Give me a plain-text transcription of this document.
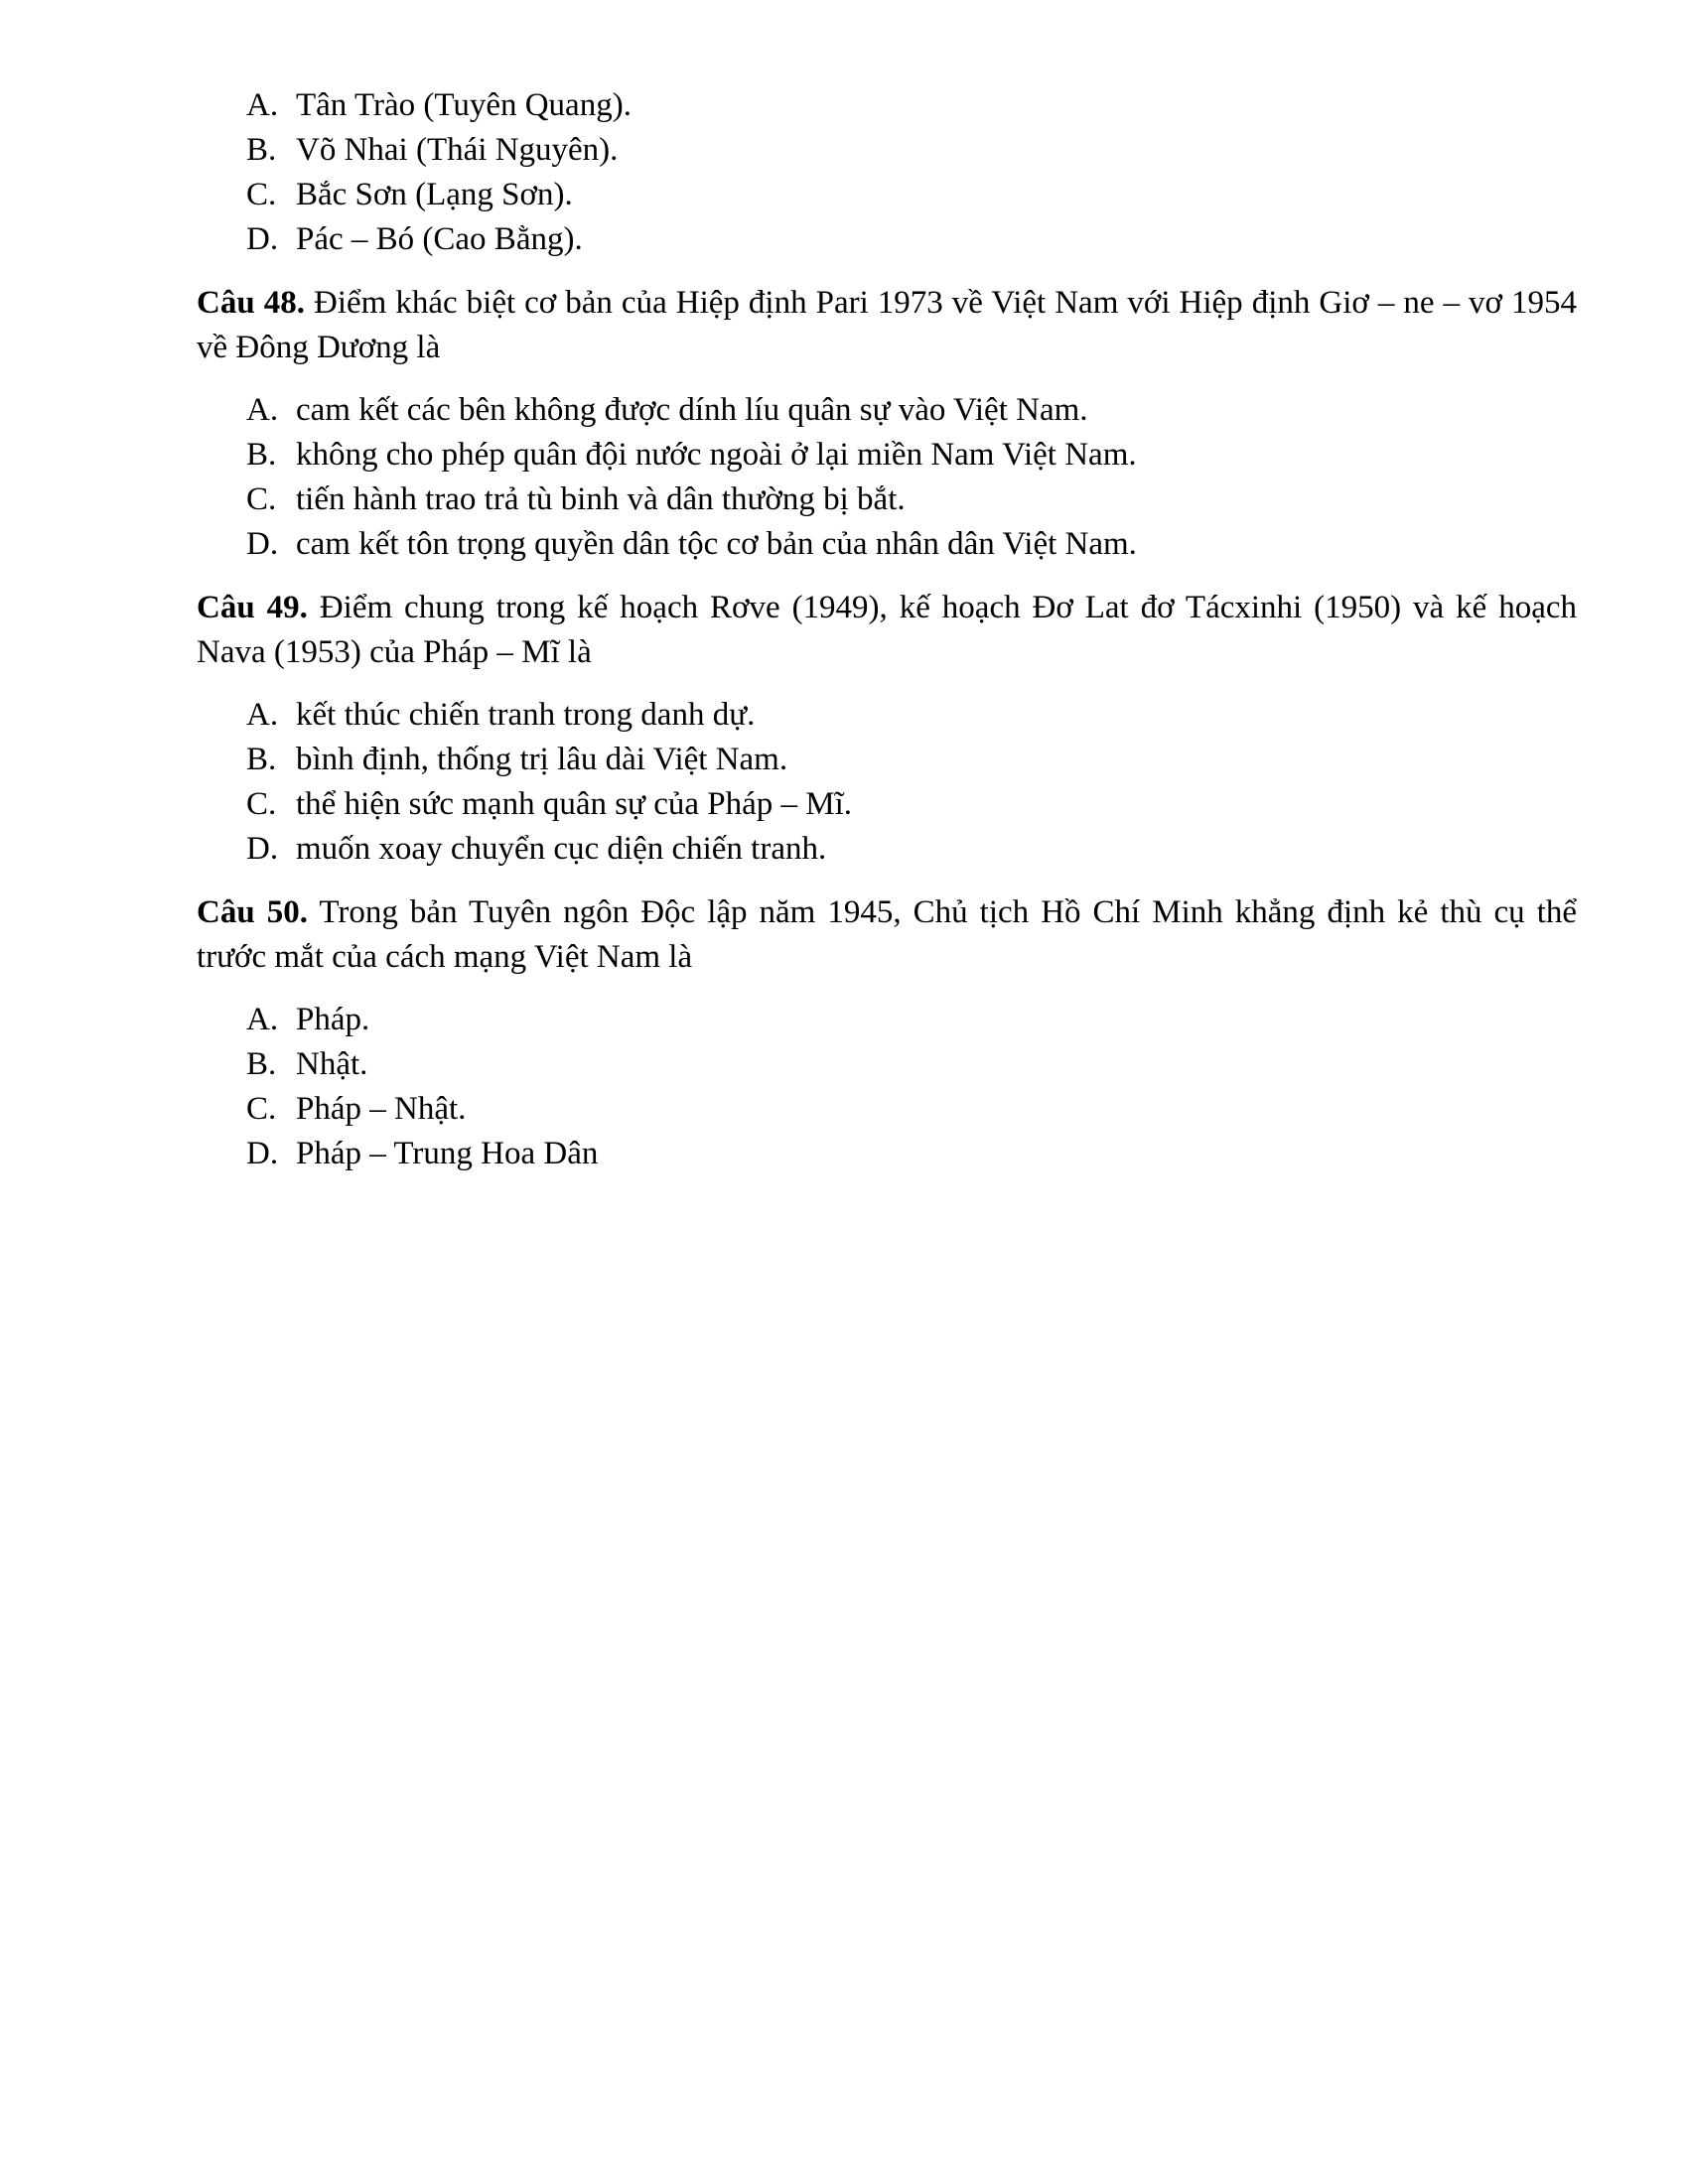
A. Tân Trào (Tuyên Quang).
B. Võ Nhai (Thái Nguyên).
C. Bắc Sơn (Lạng Sơn).
D. Pác – Bó (Cao Bằng).

Câu 48. Điểm khác biệt cơ bản của Hiệp định Pari 1973 về Việt Nam với Hiệp định Giơ – ne – vơ 1954 về Đông Dương là

A. cam kết các bên không được dính líu quân sự vào Việt Nam.
B. không cho phép quân đội nước ngoài ở lại miền Nam Việt Nam.
C. tiến hành trao trả tù binh và dân thường bị bắt.
D. cam kết tôn trọng quyền dân tộc cơ bản của nhân dân Việt Nam.

Câu 49. Điểm chung trong kế hoạch Rơve (1949), kế hoạch Đơ Lat đơ Tácxinhi (1950) và kế hoạch Nava (1953) của Pháp – Mĩ là

A. kết thúc chiến tranh trong danh dự.
B. bình định, thống trị lâu dài Việt Nam.
C. thể hiện sức mạnh quân sự của Pháp – Mĩ.
D. muốn xoay chuyển cục diện chiến tranh.

Câu 50. Trong bản Tuyên ngôn Độc lập năm 1945, Chủ tịch Hồ Chí Minh khẳng định kẻ thù cụ thể trước mắt của cách mạng Việt Nam là

A. Pháp.
B. Nhật.
C. Pháp – Nhật.
D. Pháp – Trung Hoa Dân
